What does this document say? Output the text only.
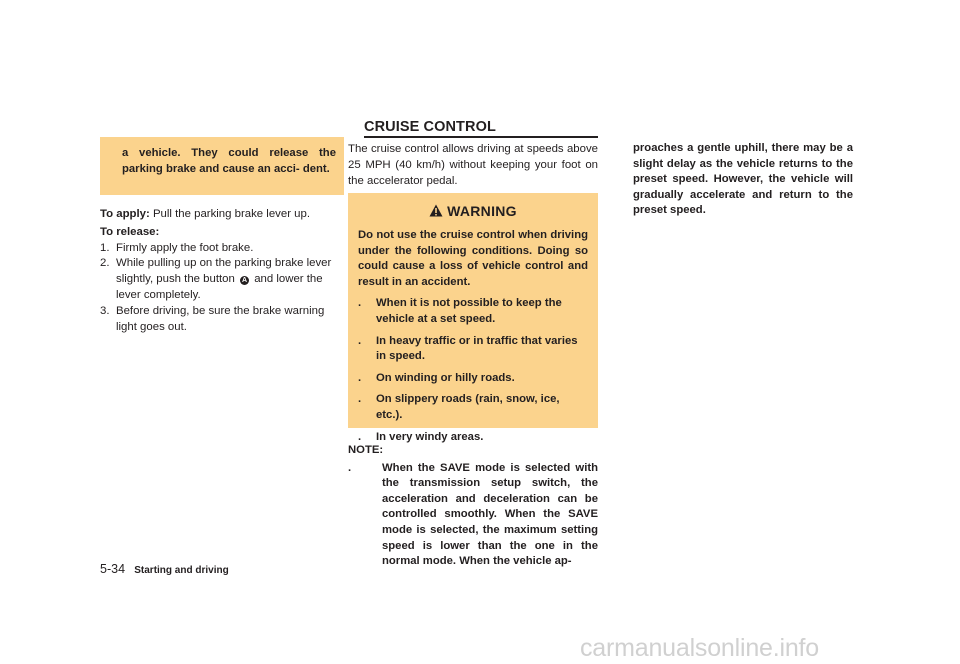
a vehicle. They could release the parking brake and cause an acci- dent.
To apply: Pull the parking brake lever up.
To release:
1. Firmly apply the foot brake.
2. While pulling up on the parking brake lever slightly, push the button A and lower the lever completely.
3. Before driving, be sure the brake warning light goes out.
CRUISE CONTROL
The cruise control allows driving at speeds above 25 MPH (40 km/h) without keeping your foot on the accelerator pedal.
WARNING
Do not use the cruise control when driving under the following conditions. Doing so could cause a loss of vehicle control and result in an accident.
. When it is not possible to keep the vehicle at a set speed.
. In heavy traffic or in traffic that varies in speed.
. On winding or hilly roads.
. On slippery roads (rain, snow, ice, etc.).
. In very windy areas.
NOTE:
.	When the SAVE mode is selected with the transmission setup switch, the acceleration and deceleration can be controlled smoothly. When the SAVE mode is selected, the maximum setting speed is lower than the one in the normal mode. When the vehicle ap-
proaches a gentle uphill, there may be a slight delay as the vehicle returns to the preset speed. However, the vehicle will gradually accelerate and return to the preset speed.
5-34 Starting and driving
carmanualsonline.info
